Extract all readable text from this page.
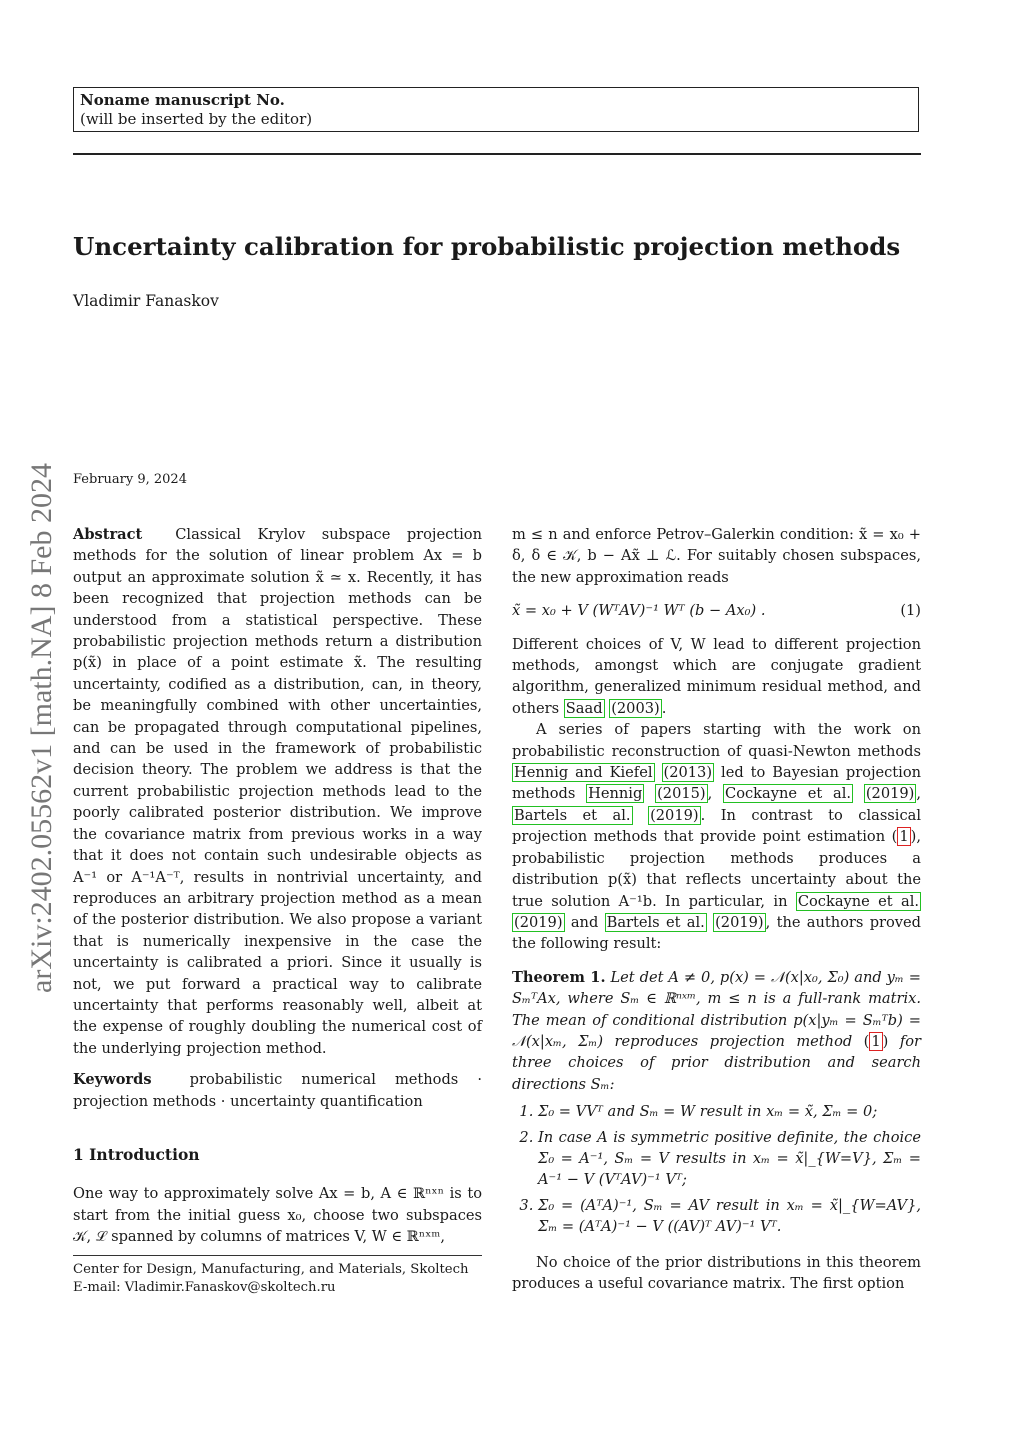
Noname manuscript No.
(will be inserted by the editor)
Uncertainty calibration for probabilistic projection methods
Vladimir Fanaskov
arXiv:2402.05562v1 [math.NA] 8 Feb 2024 February 9, 2024

Abstract Classical Krylov subspace projection methods for the solution of linear problem Ax = b output an approximate solution x̃ ≃ x. Recently, it has been recognized that projection methods can be understood from a statistical perspective. These probabilistic projection methods return a distribution p(x̃) in place of a point estimate x̃. The resulting uncertainty, codified as a distribution, can, in theory, be meaningfully combined with other uncertainties, can be propagated through computational pipelines, and can be used in the framework of probabilistic decision theory. The problem we address is that the current probabilistic projection methods lead to the poorly calibrated posterior distribution. We improve the covariance matrix from previous works in a way that it does not contain such undesirable objects as A⁻¹ or A⁻¹A⁻ᵀ, results in nontrivial uncertainty, and reproduces an arbitrary projection method as a mean of the posterior distribution. We also propose a variant that is numerically inexpensive in the case the uncertainty is calibrated a priori. Since it usually is not, we put forward a practical way to calibrate uncertainty that performs reasonably well, albeit at the expense of roughly doubling the numerical cost of the underlying projection method.

Keywords	probabilistic numerical methods · projection methods · uncertainty quantification

1 Introduction

One way to approximately solve Ax = b, A ∈ ℝⁿˣⁿ is to start from the initial guess x₀, choose two subspaces 𝒦, ℒ spanned by columns of matrices V, W ∈ ℝⁿˣᵐ,

Center for Design, Manufacturing, and Materials, Skoltech
E-mail: Vladimir.Fanaskov@skoltech.ru

m ≤ n and enforce Petrov–Galerkin condition: x̃ = x₀ + δ, δ ∈ 𝒦, b − Ax̃ ⊥ ℒ. For suitably chosen subspaces, the new approximation reads

x̃ = x₀ + V (WᵀAV)⁻¹ Wᵀ (b − Ax₀) .	(1)

Different choices of V, W lead to different projection methods, amongst which are conjugate gradient algorithm, generalized minimum residual method, and others Saad (2003) .

A series of papers starting with the work on probabilistic reconstruction of quasi-Newton methods Hennig and Kiefel (2013) led to Bayesian projection methods Hennig (2015) , Cockayne et al. (2019) , Bartels et al. (2019) . In contrast to classical projection methods that provide point estimation ( 1 ), probabilistic projection methods produces a distribution p(x̃) that reflects uncertainty about the true solution A⁻¹b. In particular, in Cockayne et al. (2019) and Bartels et al. (2019) , the authors proved the following result:

Theorem 1. Let det A ≠ 0, p(x) = 𝒩(x|x₀, Σ₀) and yₘ = SₘᵀAx, where Sₘ ∈ ℝⁿˣᵐ, m ≤ n is a full-rank matrix. The mean of conditional distribution p(x|yₘ = Sₘᵀb) = 𝒩(x|xₘ, Σₘ) reproduces projection method ( 1 ) for three choices of prior distribution and search directions Sₘ:
1. Σ₀ = VVᵀ and Sₘ = W result in xₘ = x̃, Σₘ = 0;
2. In case A is symmetric positive definite, the choice Σ₀ = A⁻¹, Sₘ = V results in xₘ = x̃|_{W=V}, Σₘ = A⁻¹ − V (VᵀAV)⁻¹ Vᵀ;
3. Σ₀ = (AᵀA)⁻¹, Sₘ = AV result in xₘ = x̃|_{W=AV}, Σₘ = (AᵀA)⁻¹ − V ((AV)ᵀ AV)⁻¹ Vᵀ.

No choice of the prior distributions in this theorem produces a useful covariance matrix. The first option
